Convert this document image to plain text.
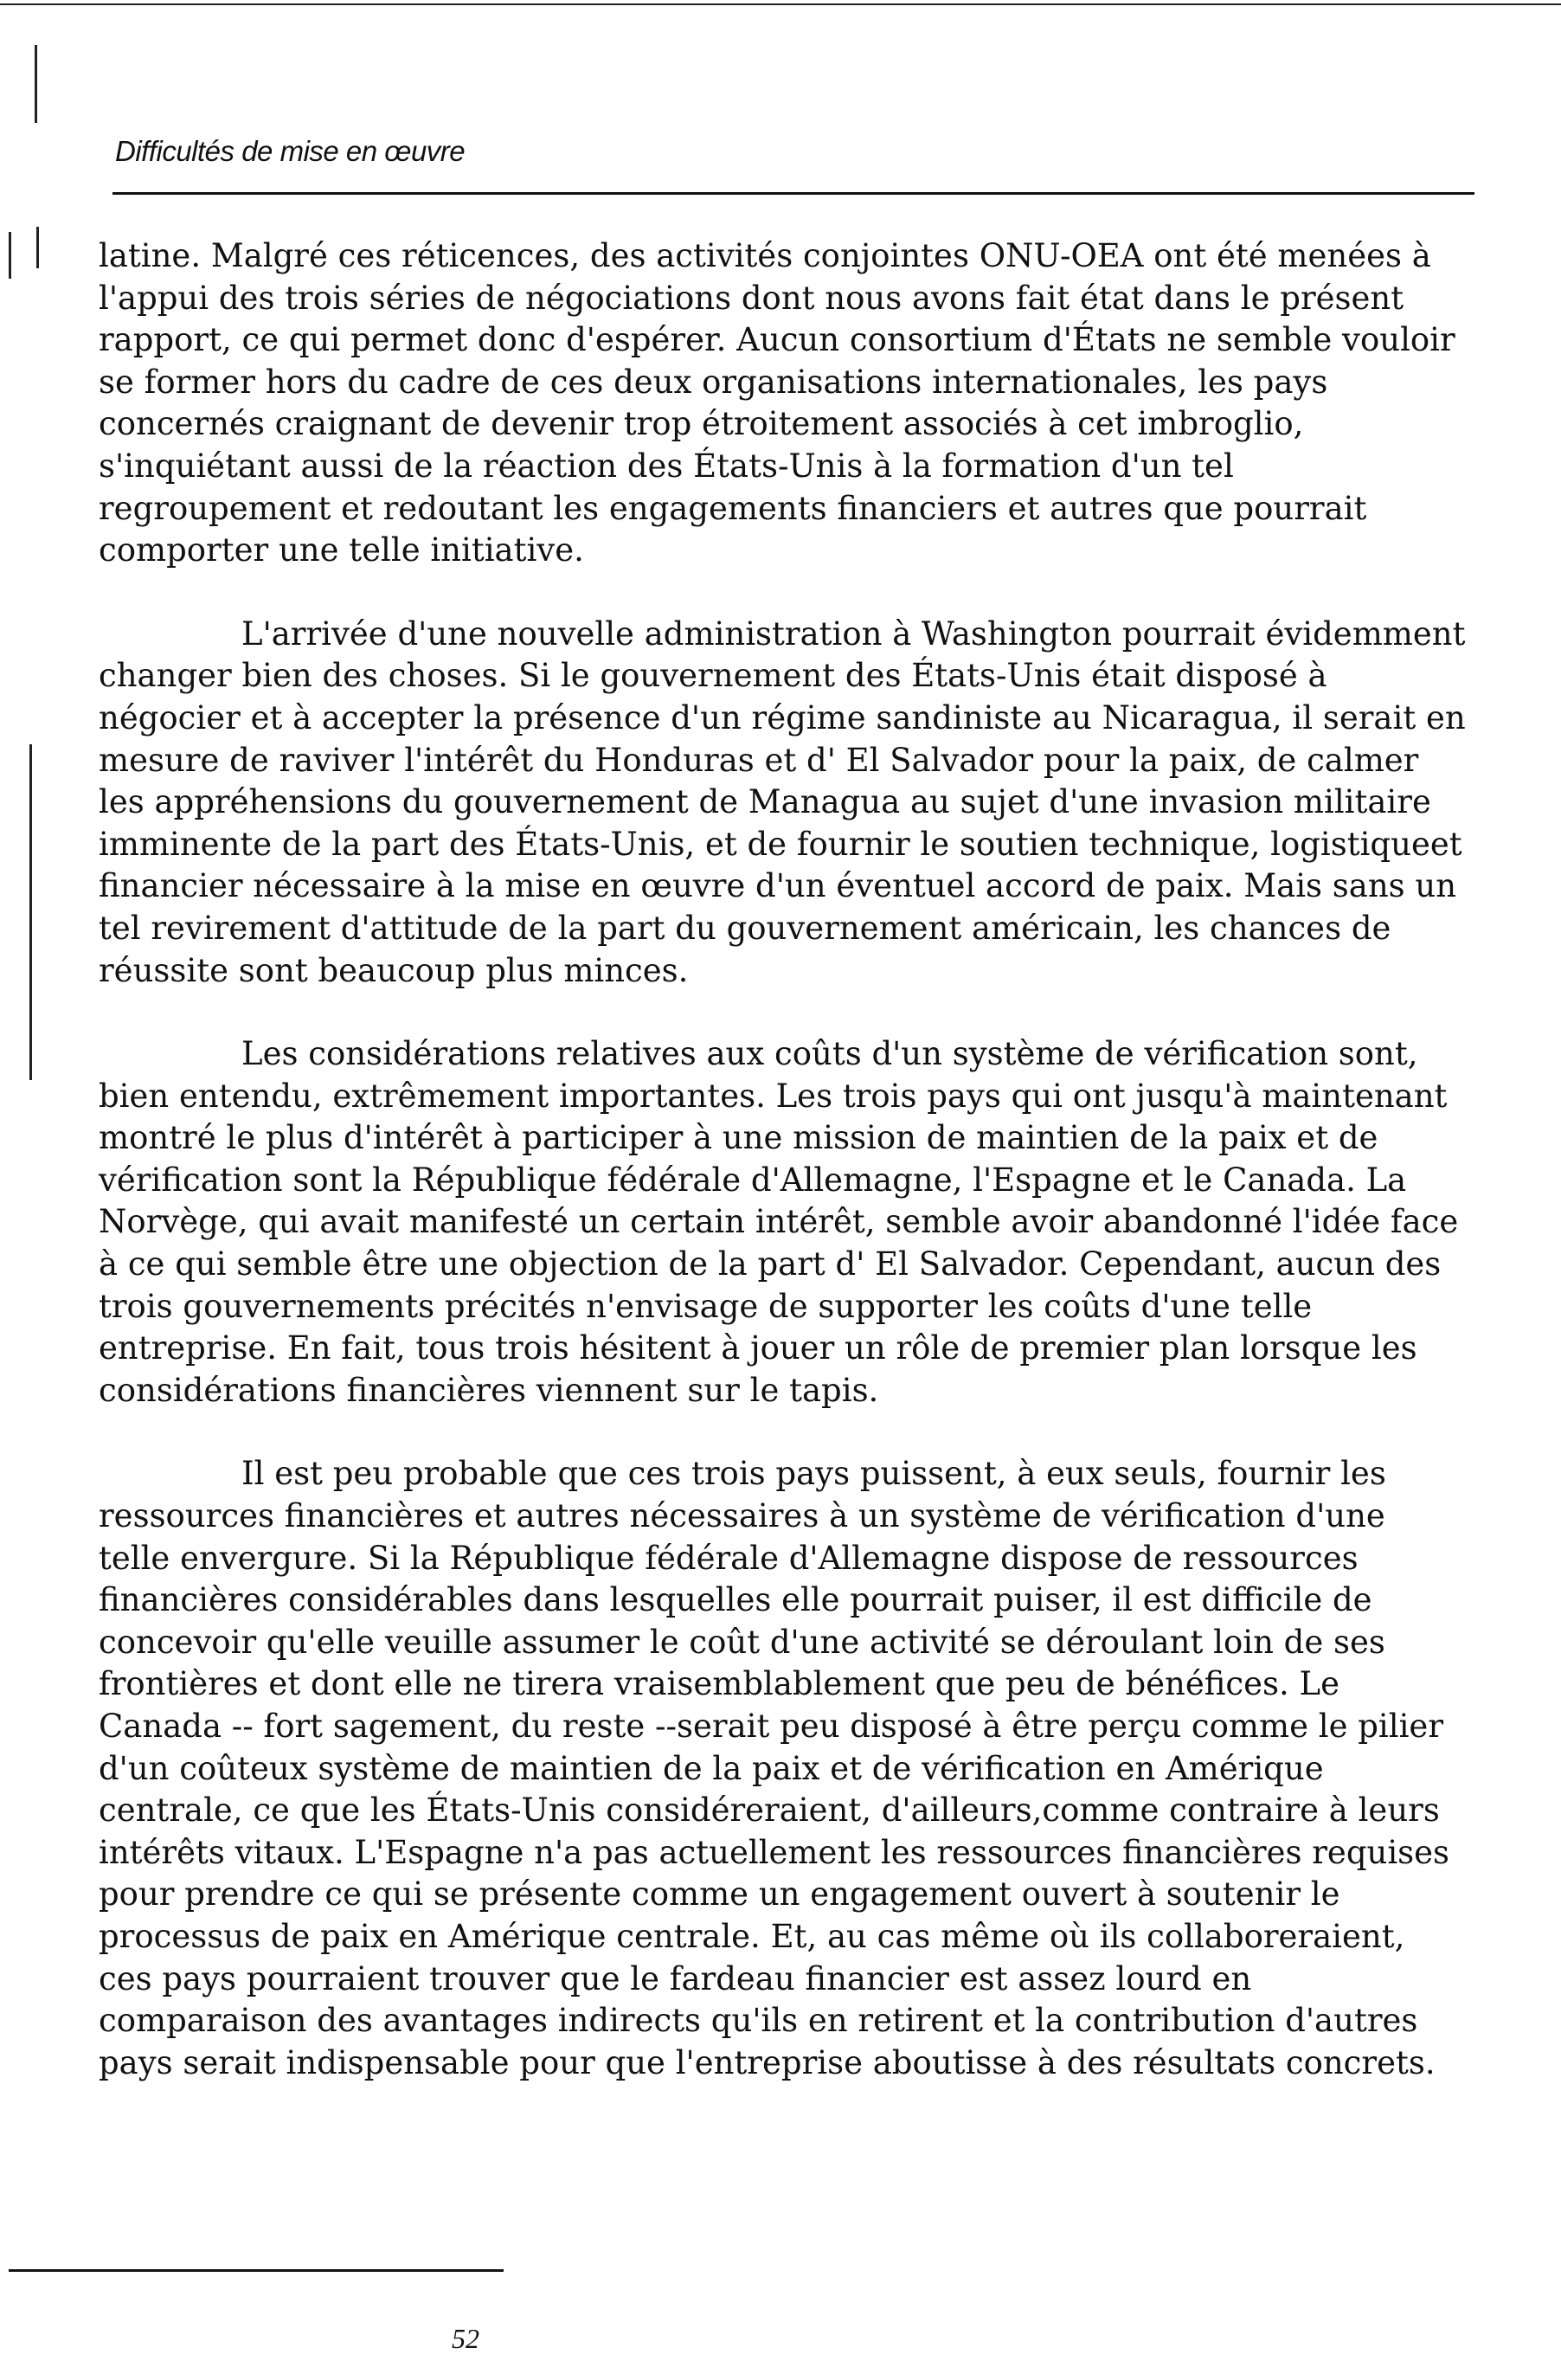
Difficultés de mise en œuvre

latine. Malgré ces réticences, des activités conjointes ONU-OEA ont été menées à l'appui des trois séries de négociations dont nous avons fait état dans le présent rapport, ce qui permet donc d'espérer. Aucun consortium d'États ne semble vouloir se former hors du cadre de ces deux organisations internationales, les pays concernés craignant de devenir trop étroitement associés à cet imbroglio, s'inquiétant aussi de la réaction des États-Unis à la formation d'un tel regroupement et redoutant les engagements financiers et autres que pourrait comporter une telle initiative.

L'arrivée d'une nouvelle administration à Washington pourrait évidemment changer bien des choses. Si le gouvernement des États-Unis était disposé à négocier et à accepter la présence d'un régime sandiniste au Nicaragua, il serait en mesure de raviver l'intérêt du Honduras et d' El Salvador pour la paix, de calmer les appréhensions du gouvernement de Managua au sujet d'une invasion militaire imminente de la part des États-Unis, et de fournir le soutien technique, logistiqueet financier nécessaire à la mise en œuvre d'un éventuel accord de paix. Mais sans un tel revirement d'attitude de la part du gouvernement américain, les chances de réussite sont beaucoup plus minces.

Les considérations relatives aux coûts d'un système de vérification sont, bien entendu, extrêmement importantes. Les trois pays qui ont jusqu'à maintenant montré le plus d'intérêt à participer à une mission de maintien de la paix et de vérification sont la République fédérale d'Allemagne, l'Espagne et le Canada. La Norvège, qui avait manifesté un certain intérêt, semble avoir abandonné l'idée face à ce qui semble être une objection de la part d' El Salvador. Cependant, aucun des trois gouvernements précités n'envisage de supporter les coûts d'une telle entreprise. En fait, tous trois hésitent à jouer un rôle de premier plan lorsque les considérations financières viennent sur le tapis.

Il est peu probable que ces trois pays puissent, à eux seuls, fournir les ressources financières et autres nécessaires à un système de vérification d'une telle envergure. Si la République fédérale d'Allemagne dispose de ressources financières considérables dans lesquelles elle pourrait puiser, il est difficile de concevoir qu'elle veuille assumer le coût d'une activité se déroulant loin de ses frontières et dont elle ne tirera vraisemblablement que peu de bénéfices. Le Canada -- fort sagement, du reste --serait peu disposé à être perçu comme le pilier d'un coûteux système de maintien de la paix et de vérification en Amérique centrale, ce que les États-Unis considéreraient, d'ailleurs,comme contraire à leurs intérêts vitaux. L'Espagne n'a pas actuellement les ressources financières requises pour prendre ce qui se présente comme un engagement ouvert à soutenir le processus de paix en Amérique centrale. Et, au cas même où ils collaboreraient, ces pays pourraient trouver que le fardeau financier est assez lourd en comparaison des avantages indirects qu'ils en retirent et la contribution d'autres pays serait indispensable pour que l'entreprise aboutisse à des résultats concrets.

52
